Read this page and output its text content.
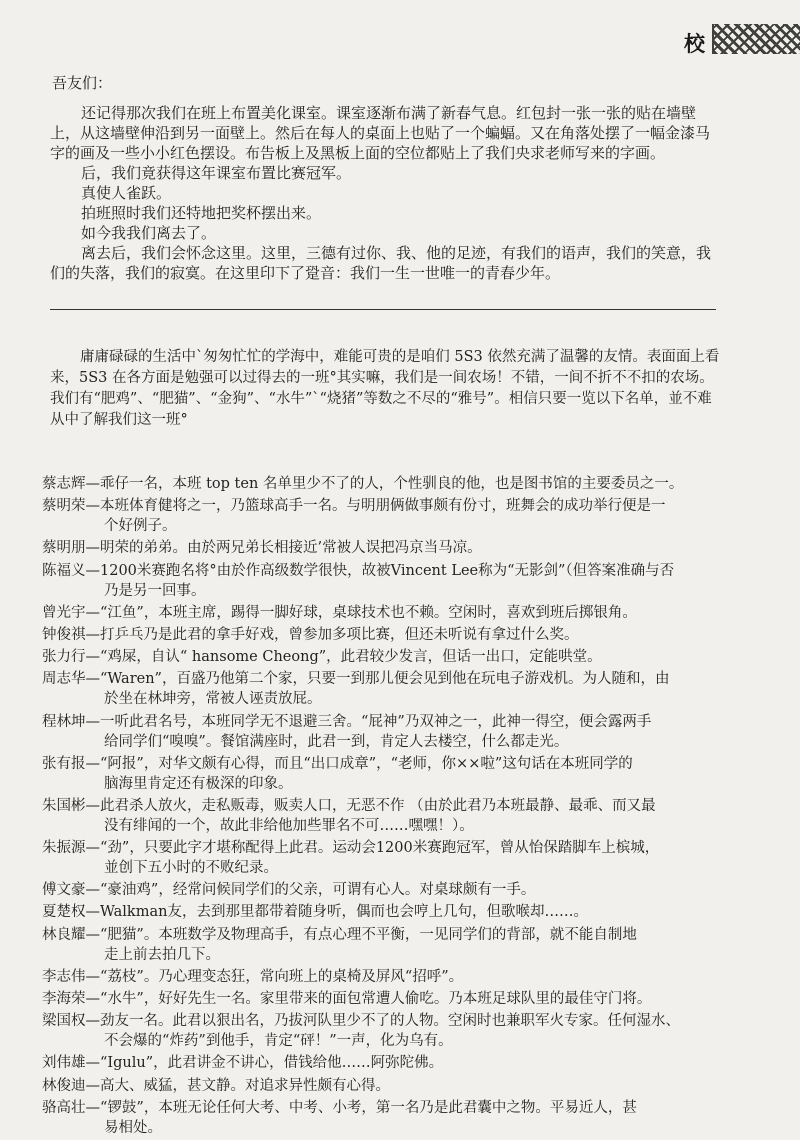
校
吾友们：

还记得那次我们在班上布置美化课室。课室逐渐布满了新春气息。红包封一张一张的贴在墙壁上，从这墙壁伸沿到另一面壁上。然后在每人的桌面上也贴了一个蝙蝠。又在角落处摆了一幅金漆马字的画及一些小小红色摆设。布告板上及黑板上面的空位都贴上了我们央求老师写来的字画。

后，我们竟获得这年课室布置比赛冠军。

真使人雀跃。

拍班照时我们还特地把奖杯摆出来。

如今我我们离去了。

离去后，我们会怀念这里。这里，三德有过你、我、他的足迹，有我们的语声，我们的笑意，我们的失落，我们的寂寞。在这里印下了跫音：我们一生一世唯一的青春少年。

庸庸碌碌的生活中`匆匆忙忙的学海中，难能可贵的是咱们 5S3 依然充满了温馨的友情。表面面上看来，5S3 在各方面是勉强可以过得去的一班°其实嘛，我们是一间农场！不错，一间不折不不扣的农场。我们有“肥鸡”、“肥猫”、“金狗”、“水牛”`“烧猪”等数之不尽的“雅号”。相信只要一览以下名单，並不难从中了解我们这一班°

蔡志辉—乖仔一名，本班 top ten 名单里少不了的人，个性驯良的他，也是图书馆的主要委员之一。
蔡明荣—本班体育健将之一，乃篮球高手一名。与明朋俩做事颇有份寸，班舞会的成功举行便是一
个好例子。
蔡明朋—明荣的弟弟。由於两兄弟长相接近’常被人误把冯京当马凉。
陈福义—1200米赛跑名将°由於作高级数学很快，故被Vincent Lee称为“无影剑”（但答案准确与否
乃是另一回事。
曾光宇—“江鱼”，本班主席，踢得一脚好球，桌球技术也不赖。空闲时，喜欢到班后掷银角。
钟俊祺—打乒乓乃是此君的拿手好戏，曾参加多项比赛，但还未听说有拿过什么奖。
张力行—“鸡屎，自认“ hansome Cheong”，此君较少发言，但话一出口，定能哄堂。
周志华—“Waren”，百盛乃他第二个家，只要一到那儿便会见到他在玩电子游戏机。为人随和，由
於坐在林坤旁，常被人诬责放屁。
程林坤—一听此君名号，本班同学无不退避三舍。“屁神”乃双神之一，此神一得空，便会露两手
给同学们“嗅嗅”。餐馆满座时，此君一到，肯定人去楼空，什么都走光。
张有报—“阿报”，对华文颇有心得，而且“出口成章”，“老师，你××啦”这句话在本班同学的
脑海里肯定还有极深的印象。
朱国彬—此君杀人放火，走私贩毒，贩卖人口，无恶不作 （由於此君乃本班最静、最乖、而又最
没有绯闻的一个，故此非给他加些罪名不可……嘿嘿！）。
朱振源—“劲”，只要此字才堪称配得上此君。运动会1200米赛跑冠军，曾从怡保踏脚车上槟城，
並创下五小时的不败纪录。
傅文豪—“豪油鸡”，经常问候同学们的父亲，可谓有心人。对桌球颇有一手。
夏楚权—Walkman友，去到那里都带着随身听，偶而也会哼上几句，但歌喉却……。
林良耀—“肥猫”。本班数学及物理高手，有点心理不平衡，一见同学们的背部，就不能自制地
走上前去拍几下。
李志伟—“荔枝”。乃心理变态狂，常向班上的桌椅及屏风“招呼”。
李海荣—“水牛”，好好先生一名。家里带来的面包常遭人偷吃。乃本班足球队里的最佳守门将。
梁国权—劲友一名。此君以狠出名，乃拔河队里少不了的人物。空闲时也兼职军火专家。任何湿水、
不会爆的“炸药”到他手，肯定“砰！”一声，化为乌有。
刘伟雄—“Igulu”，此君讲金不讲心，借钱给他……阿弥陀佛。
林俊迪—高大、威猛，甚文静。对追求异性颇有心得。
骆高壮—“锣鼓”，本班无论任何大考、中考、小考，第一名乃是此君囊中之物。平易近人，甚
易相处。
